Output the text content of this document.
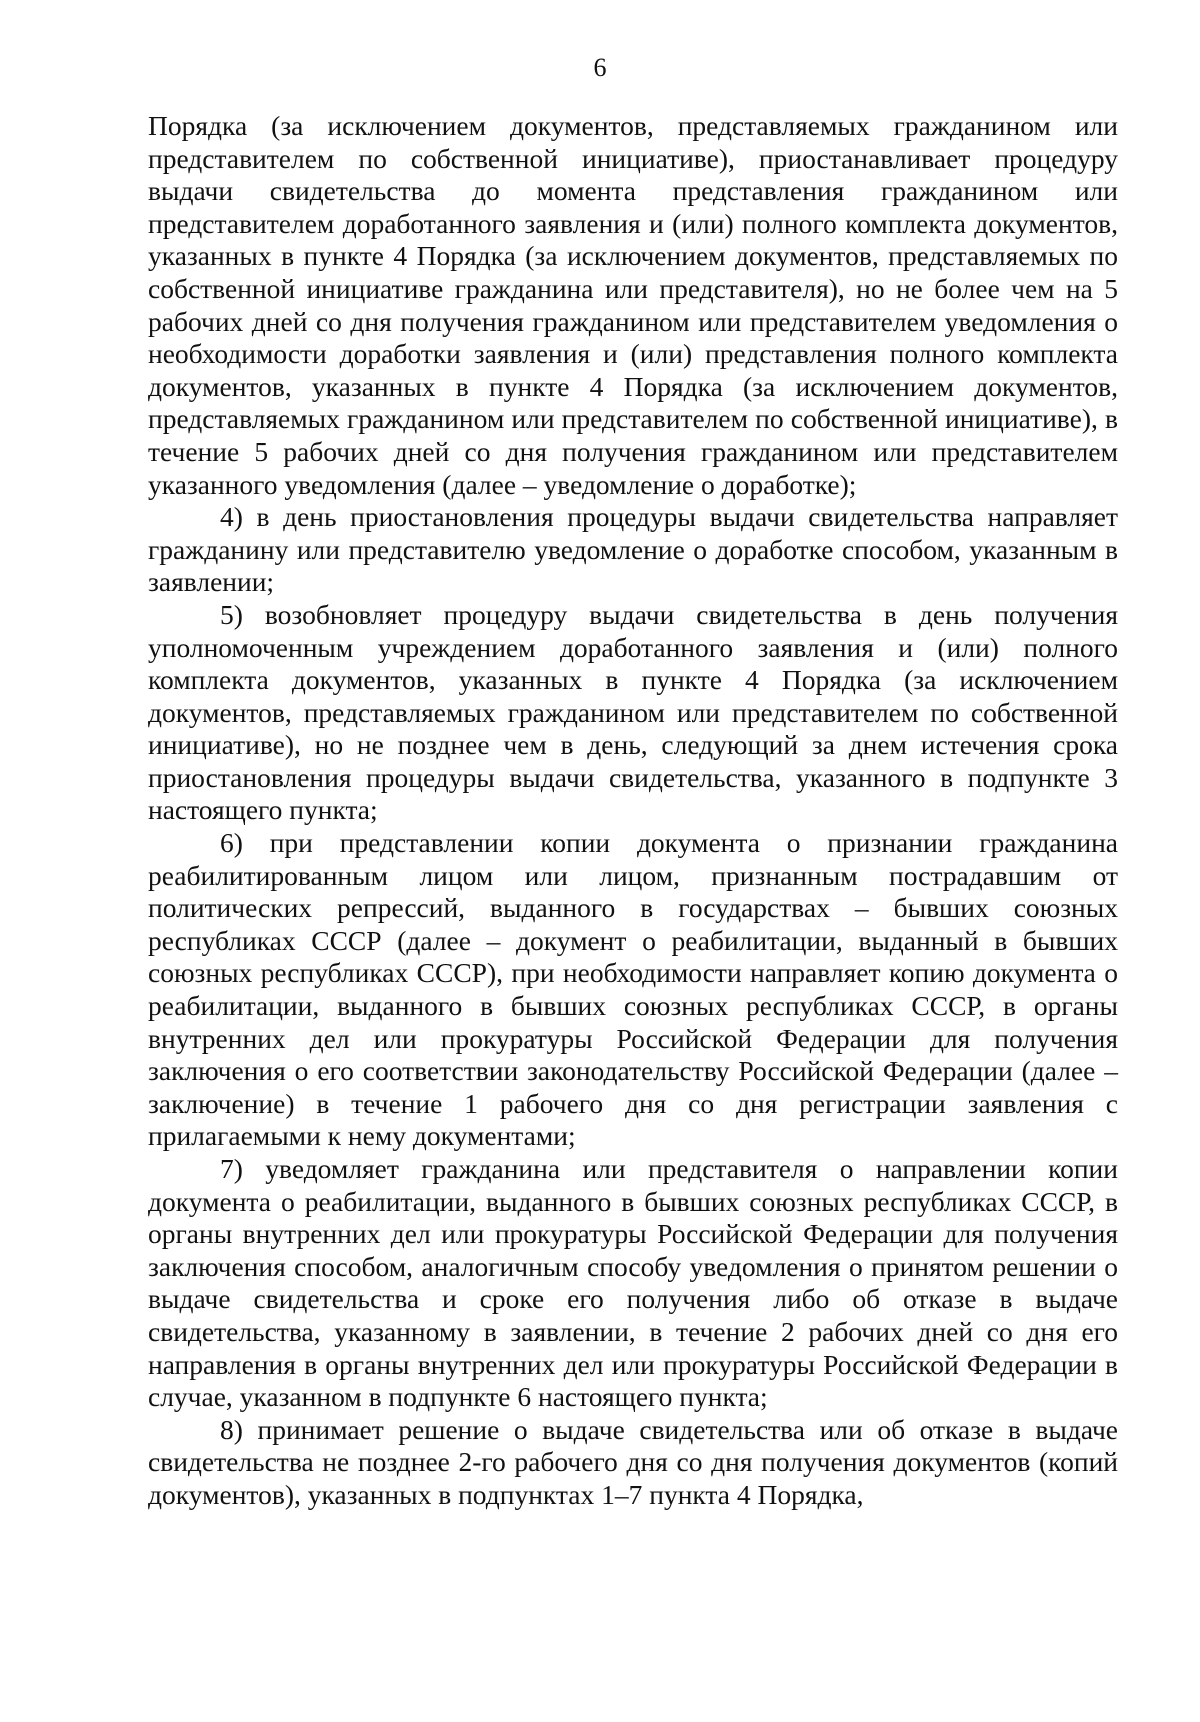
6

Порядка (за исключением документов, представляемых гражданином или представителем по собственной инициативе), приостанавливает процедуру выдачи свидетельства до момента представления гражданином или представителем доработанного заявления и (или) полного комплекта документов, указанных в пункте 4 Порядка (за исключением документов, представляемых по собственной инициативе гражданина или представителя), но не более чем на 5 рабочих дней со дня получения гражданином или представителем уведомления о необходимости доработки заявления и (или) представления полного комплекта документов, указанных в пункте 4 Порядка (за исключением документов, представляемых гражданином или представителем по собственной инициативе), в течение 5 рабочих дней со дня получения гражданином или представителем указанного уведомления (далее – уведомление о доработке);

4) в день приостановления процедуры выдачи свидетельства направляет гражданину или представителю уведомление о доработке способом, указанным в заявлении;

5) возобновляет процедуру выдачи свидетельства в день получения уполномоченным учреждением доработанного заявления и (или) полного комплекта документов, указанных в пункте 4 Порядка (за исключением документов, представляемых гражданином или представителем по собственной инициативе), но не позднее чем в день, следующий за днем истечения срока приостановления процедуры выдачи свидетельства, указанного в подпункте 3 настоящего пункта;

6) при представлении копии документа о признании гражданина реабилитированным лицом или лицом, признанным пострадавшим от политических репрессий, выданного в государствах – бывших союзных республиках СССР (далее – документ о реабилитации, выданный в бывших союзных республиках СССР), при необходимости направляет копию документа о реабилитации, выданного в бывших союзных республиках СССР, в органы внутренних дел или прокуратуры Российской Федерации для получения заключения о его соответствии законодательству Российской Федерации (далее – заключение) в течение 1 рабочего дня со дня регистрации заявления с прилагаемыми к нему документами;

7) уведомляет гражданина или представителя о направлении копии документа о реабилитации, выданного в бывших союзных республиках СССР, в органы внутренних дел или прокуратуры Российской Федерации для получения заключения способом, аналогичным способу уведомления о принятом решении о выдаче свидетельства и сроке его получения либо об отказе в выдаче свидетельства, указанному в заявлении, в течение 2 рабочих дней со дня его направления в органы внутренних дел или прокуратуры Российской Федерации в случае, указанном в подпункте 6 настоящего пункта;

8) принимает решение о выдаче свидетельства или об отказе в выдаче свидетельства не позднее 2-го рабочего дня со дня получения документов (копий документов), указанных в подпунктах 1–7 пункта 4 Порядка,
